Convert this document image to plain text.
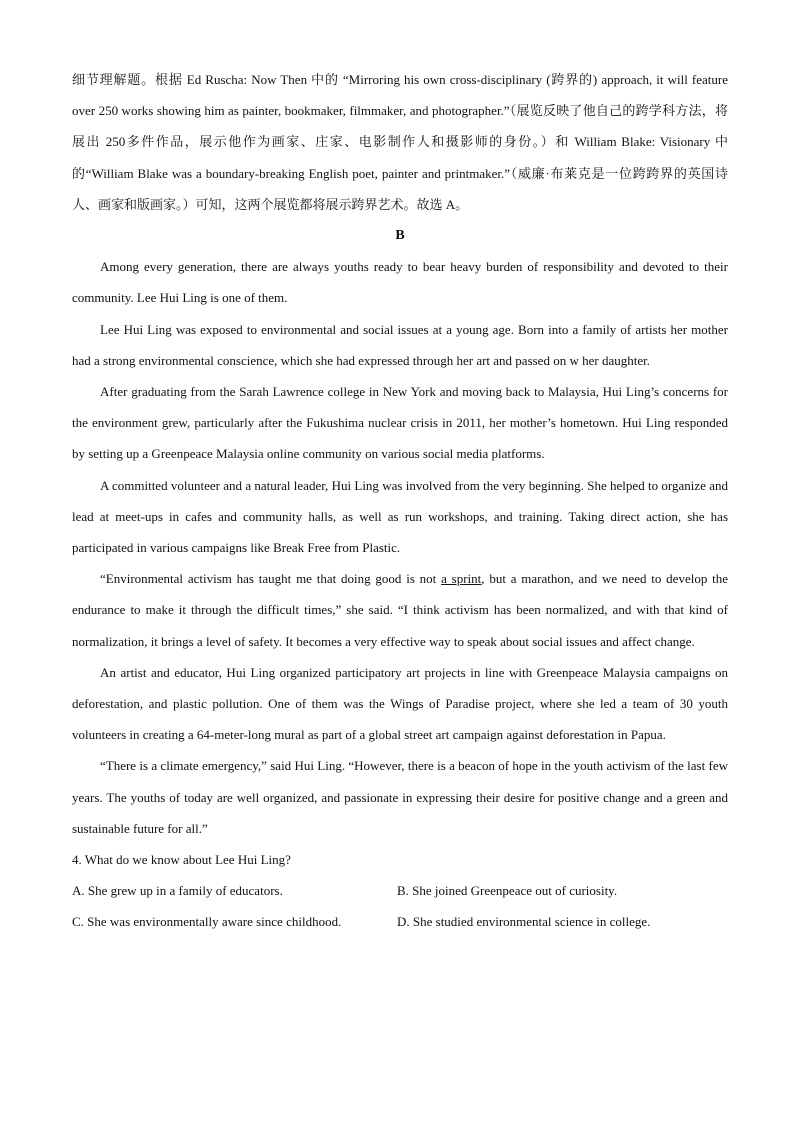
细节理解题。根据 Ed Ruscha: Now Then 中的 “Mirroring his own cross-disciplinary (跨界的) approach, it will feature over 250 works showing him as painter, bookmaker, filmmaker, and photographer.”（展览反映了他自己的跨学科方法，将展出 250多件作品，展示他作为画家、庄家、电影制作人和摄影师的身份。）和 William Blake: Visionary 中的“William Blake was a boundary-breaking English poet, painter and printmaker.”（威廉·布莱克是一位跨跨界的英国诗人、画家和版画家。）可知，这两个展览都将展示跨界艺术。故选 A。

B

Among every generation, there are always youths ready to bear heavy burden of responsibility and devoted to their community. Lee Hui Ling is one of them.

Lee Hui Ling was exposed to environmental and social issues at a young age. Born into a family of artists her mother had a strong environmental conscience, which she had expressed through her art and passed on w her daughter.

After graduating from the Sarah Lawrence college in New York and moving back to Malaysia, Hui Ling’s concerns for the environment grew, particularly after the Fukushima nuclear crisis in 2011, her mother’s hometown. Hui Ling responded by setting up a Greenpeace Malaysia online community on various social media platforms.

A committed volunteer and a natural leader, Hui Ling was involved from the very beginning. She helped to organize and lead at meet-ups in cafes and community halls, as well as run workshops, and training. Taking direct action, she has participated in various campaigns like Break Free from Plastic.

“Environmental activism has taught me that doing good is not a sprint, but a marathon, and we need to develop the endurance to make it through the difficult times,” she said. “I think activism has been normalized, and with that kind of normalization, it brings a level of safety. It becomes a very effective way to speak about social issues and affect change.

An artist and educator, Hui Ling organized participatory art projects in line with Greenpeace Malaysia campaigns on deforestation, and plastic pollution. One of them was the Wings of Paradise project, where she led a team of 30 youth volunteers in creating a 64-meter-long mural as part of a global street art campaign against deforestation in Papua.

“There is a climate emergency,” said Hui Ling. “However, there is a beacon of hope in the youth activism of the last few years. The youths of today are well organized, and passionate in expressing their desire for positive change and a green and sustainable future for all.”

4. What do we know about Lee Hui Ling?

A. She grew up in a family of educators.	B. She joined Greenpeace out of curiosity.
C. She was environmentally aware since childhood.	D. She studied environmental science in college.
